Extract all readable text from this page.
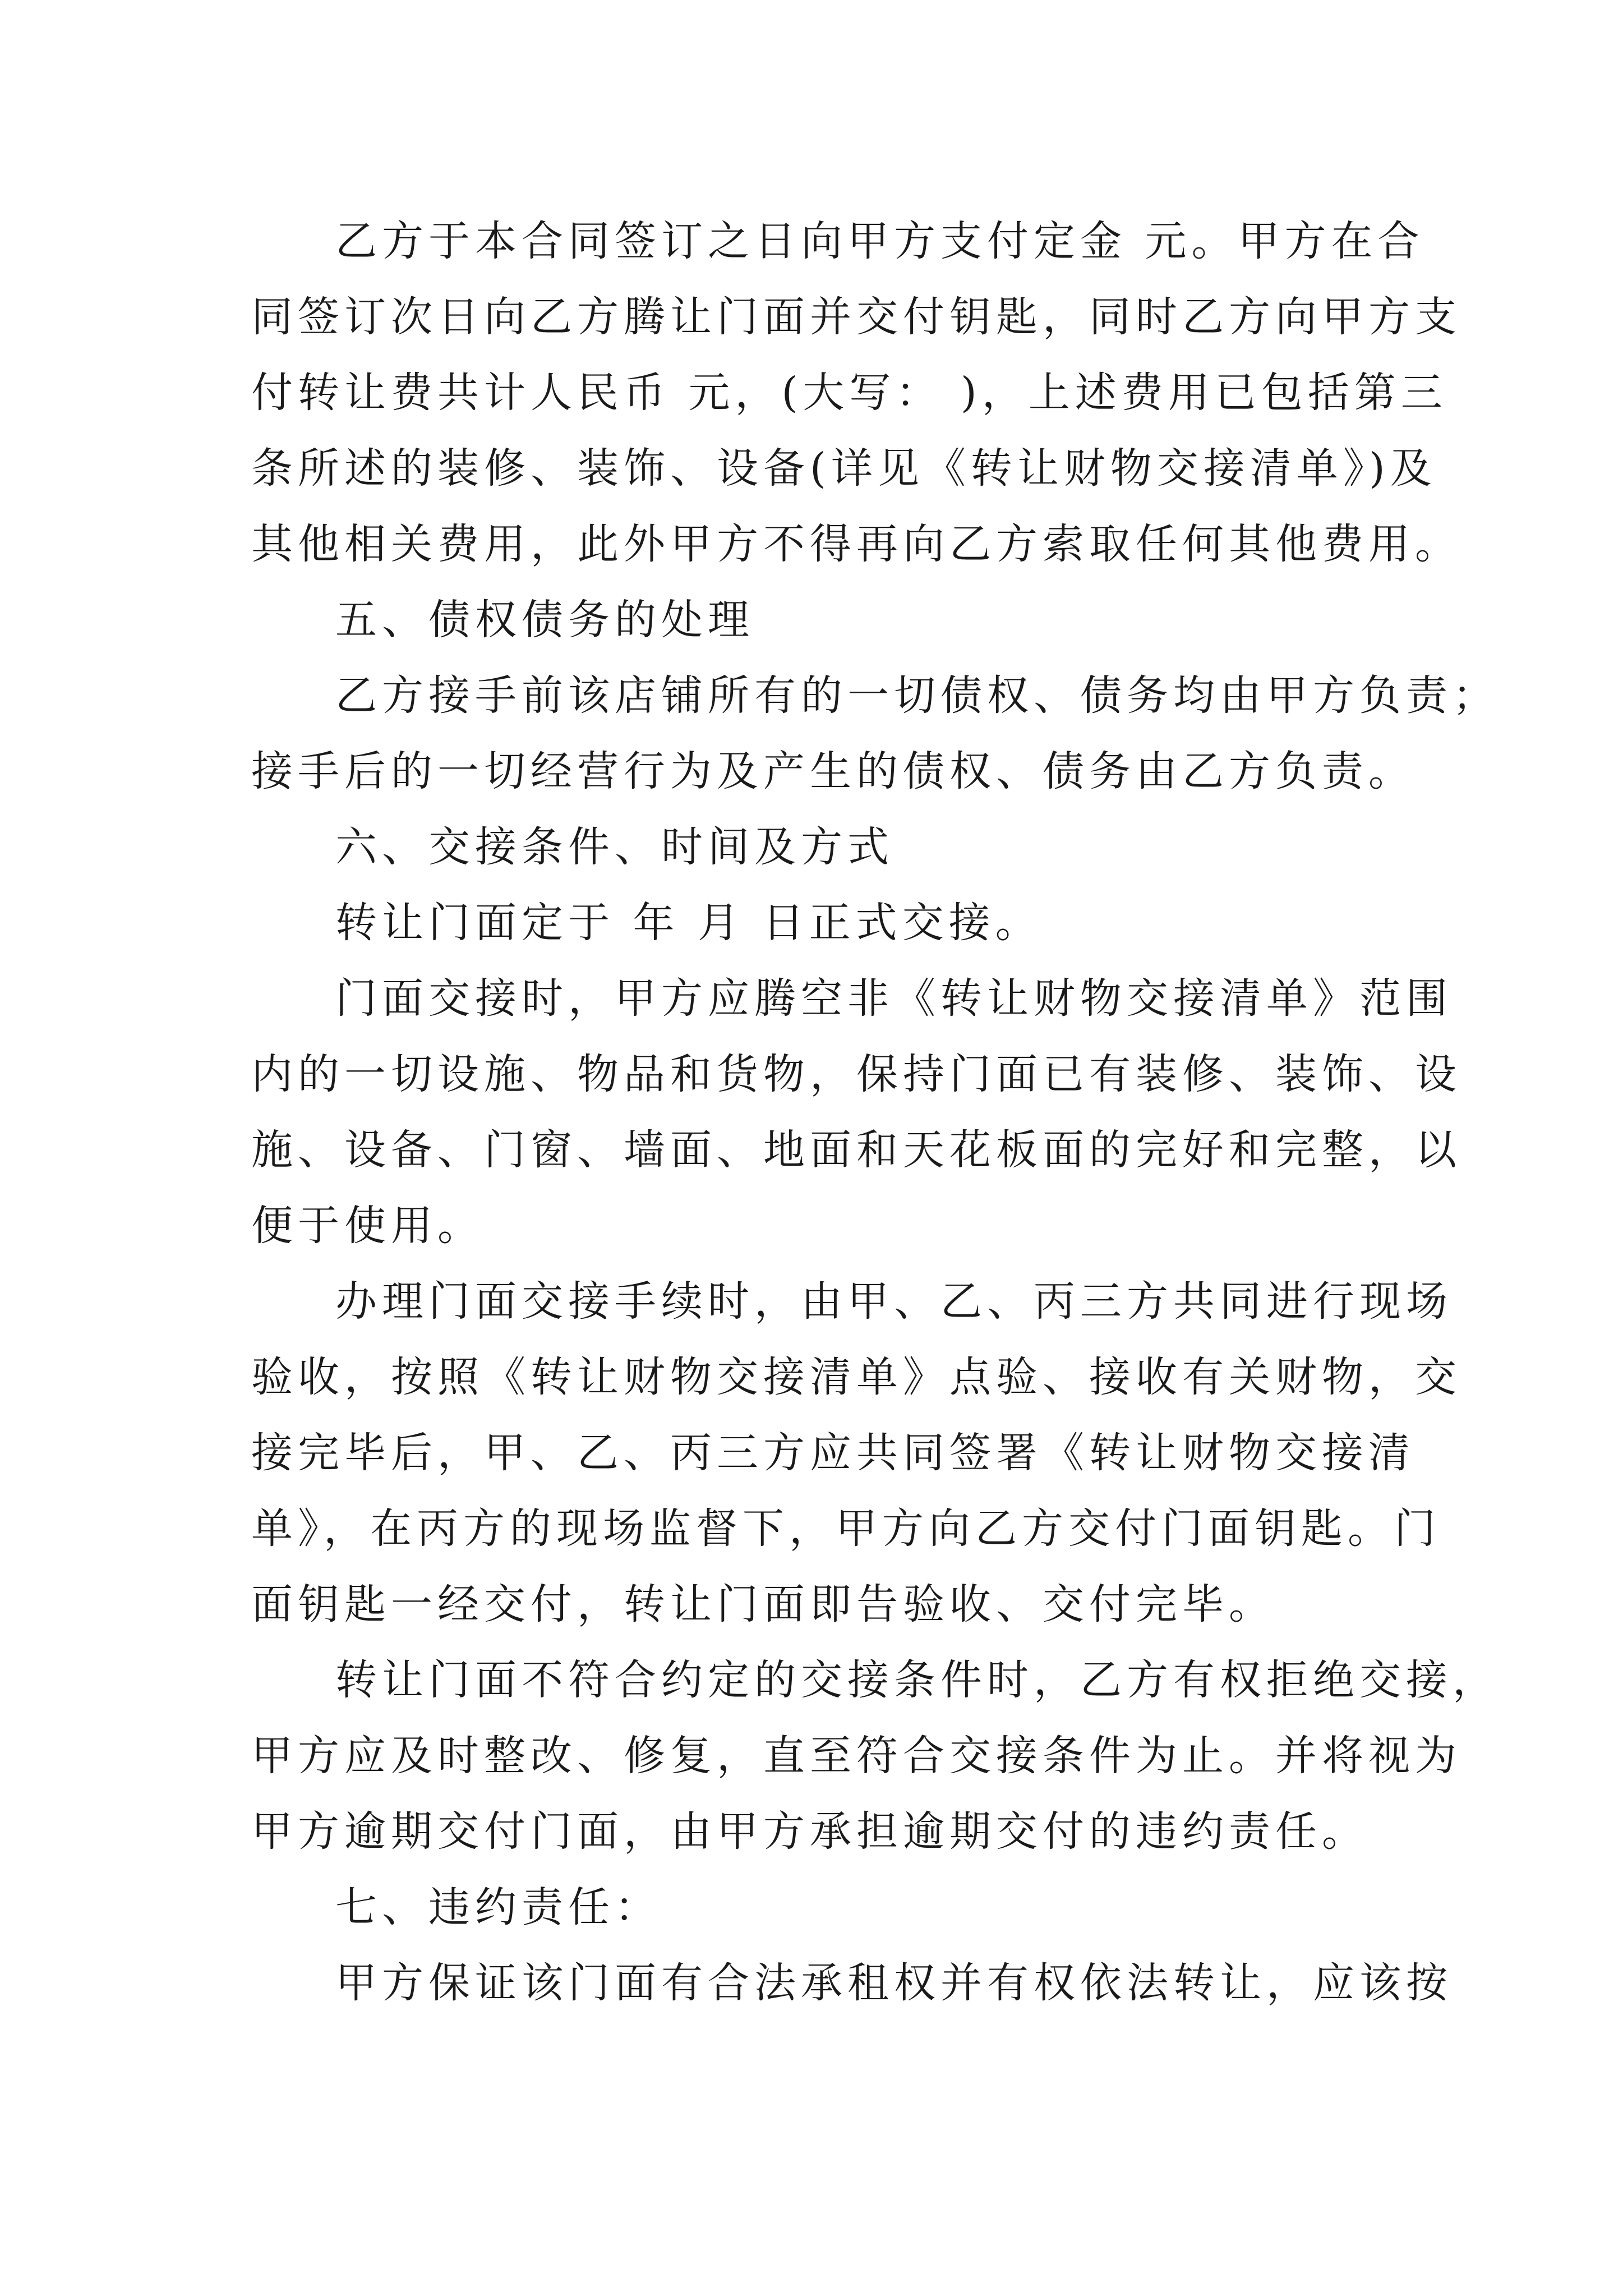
乙方于本合同签订之日向甲方支付定金 元。甲方在合
同签订次日向乙方腾让门面并交付钥匙，同时乙方向甲方支
付转让费共计人民币 元，(大写： )，上述费用已包括第三
条所述的装修、装饰、设备(详见《转让财物交接清单》)及
其他相关费用，此外甲方不得再向乙方索取任何其他费用。
五、债权债务的处理
乙方接手前该店铺所有的一切债权、债务均由甲方负责；
接手后的一切经营行为及产生的债权、债务由乙方负责。
六、交接条件、时间及方式
转让门面定于 年 月 日正式交接。
门面交接时，甲方应腾空非《转让财物交接清单》范围
内的一切设施、物品和货物，保持门面已有装修、装饰、设
施、设备、门窗、墙面、地面和天花板面的完好和完整，以
便于使用。
办理门面交接手续时，由甲、乙、丙三方共同进行现场
验收，按照《转让财物交接清单》点验、接收有关财物，交
接完毕后，甲、乙、丙三方应共同签署《转让财物交接清
单》，在丙方的现场监督下，甲方向乙方交付门面钥匙。门
面钥匙一经交付，转让门面即告验收、交付完毕。
转让门面不符合约定的交接条件时，乙方有权拒绝交接，
甲方应及时整改、修复，直至符合交接条件为止。并将视为
甲方逾期交付门面，由甲方承担逾期交付的违约责任。
七、违约责任：
甲方保证该门面有合法承租权并有权依法转让，应该按
